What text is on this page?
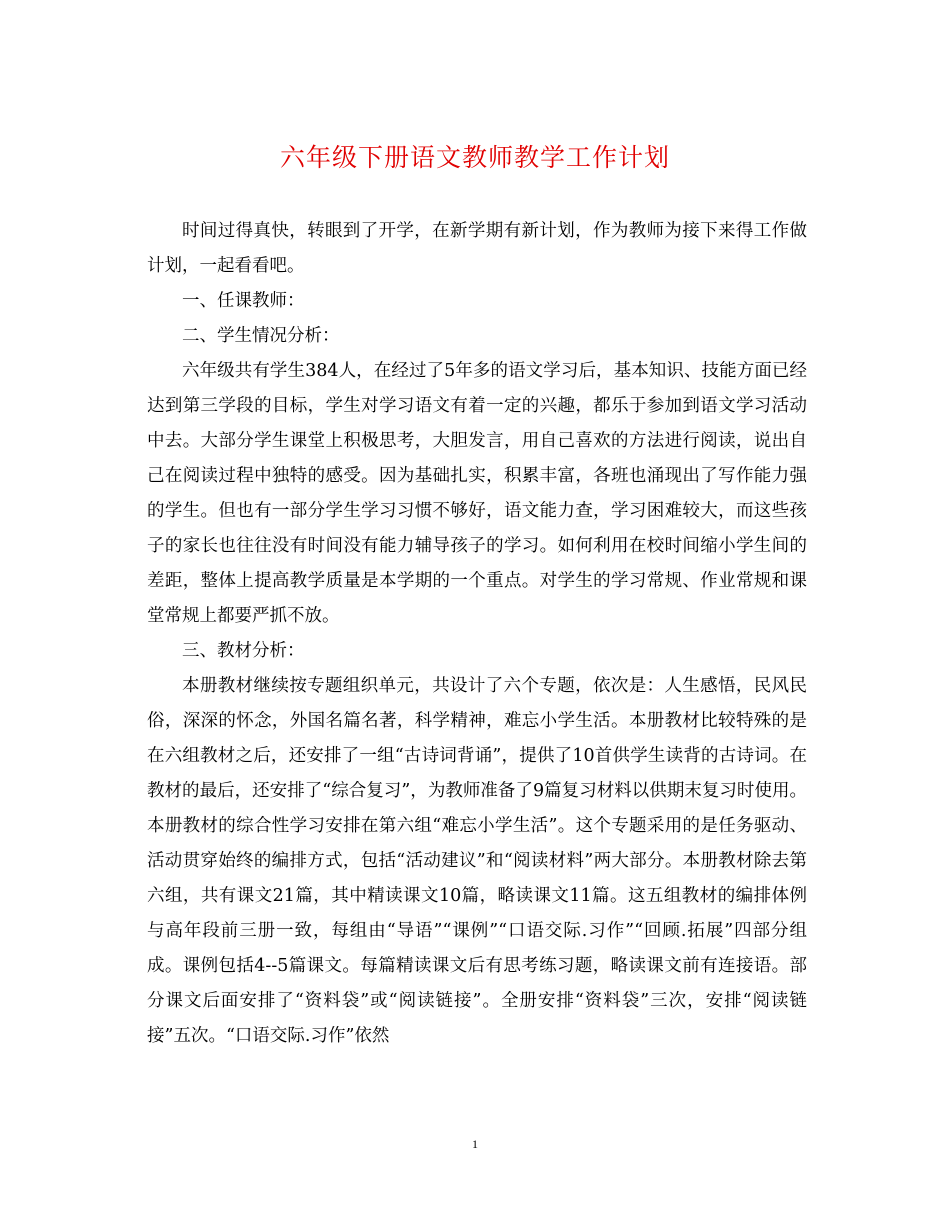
六年级下册语文教师教学工作计划

时间过得真快，转眼到了开学，在新学期有新计划，作为教师为接下来得工作做计划，一起看看吧。

一、任课教师：

二、学生情况分析：

六年级共有学生384人，在经过了5年多的语文学习后，基本知识、技能方面已经达到第三学段的目标，学生对学习语文有着一定的兴趣，都乐于参加到语文学习活动中去。大部分学生课堂上积极思考，大胆发言，用自己喜欢的方法进行阅读，说出自己在阅读过程中独特的感受。因为基础扎实，积累丰富，各班也涌现出了写作能力强的学生。但也有一部分学生学习习惯不够好，语文能力查，学习困难较大，而这些孩子的家长也往往没有时间没有能力辅导孩子的学习。如何利用在校时间缩小学生间的差距，整体上提高教学质量是本学期的一个重点。对学生的学习常规、作业常规和课堂常规上都要严抓不放。

三、教材分析：

本册教材继续按专题组织单元，共设计了六个专题，依次是：人生感悟，民风民俗，深深的怀念，外国名篇名著，科学精神，难忘小学生活。本册教材比较特殊的是在六组教材之后，还安排了一组“古诗词背诵”，提供了10首供学生读背的古诗词。在教材的最后，还安排了“综合复习”，为教师准备了9篇复习材料以供期末复习时使用。本册教材的综合性学习安排在第六组“难忘小学生活”。这个专题采用的是任务驱动、活动贯穿始终的编排方式，包括“活动建议”和“阅读材料”两大部分。本册教材除去第六组，共有课文21篇，其中精读课文10篇，略读课文11篇。这五组教材的编排体例与高年段前三册一致，每组由“导语”“课例”“口语交际.习作”“回顾.拓展”四部分组成。课例包括4--5篇课文。每篇精读课文后有思考练习题，略读课文前有连接语。部分课文后面安排了“资料袋”或“阅读链接”。全册安排“资料袋”三次，安排“阅读链接”五次。“口语交际.习作”依然

1
